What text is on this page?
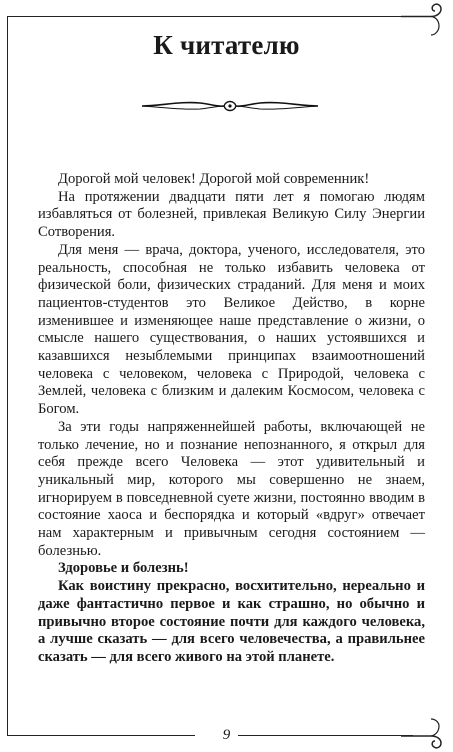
К читателю

Дорогой мой человек! Дорогой мой современник!

На протяжении двадцати пяти лет я помогаю людям избавляться от болезней, привлекая Великую Силу Энергии Сотворения.

Для меня — врача, доктора, ученого, исследователя, это реальность, способная не только избавить человека от физической боли, физических страданий. Для меня и моих пациентов-студентов это Великое Действо, в корне изменившее и изменяющее наше представление о жизни, о смысле нашего существования, о наших устоявшихся и казавшихся незыблемыми принципах взаимоотношений человека с человеком, человека с Природой, человека с Землей, человека с близким и далеким Космосом, человека с Богом.

За эти годы напряженнейшей работы, включающей не только лечение, но и познание непознанного, я открыл для себя прежде всего Человека — этот удивительный и уникальный мир, которого мы совершенно не знаем, игнорируем в повседневной суете жизни, постоянно вводим в состояние хаоса и беспорядка и который «вдруг» отвечает нам характерным и привычным сегодня состоянием — болезнью.

Здоровье и болезнь!

Как воистину прекрасно, восхитительно, нереально и даже фантастично первое и как страшно, но обычно и привычно второе состояние почти для каждого человека, а лучше сказать — для всего человечества, а правильнее сказать — для всего живого на этой планете.

9
